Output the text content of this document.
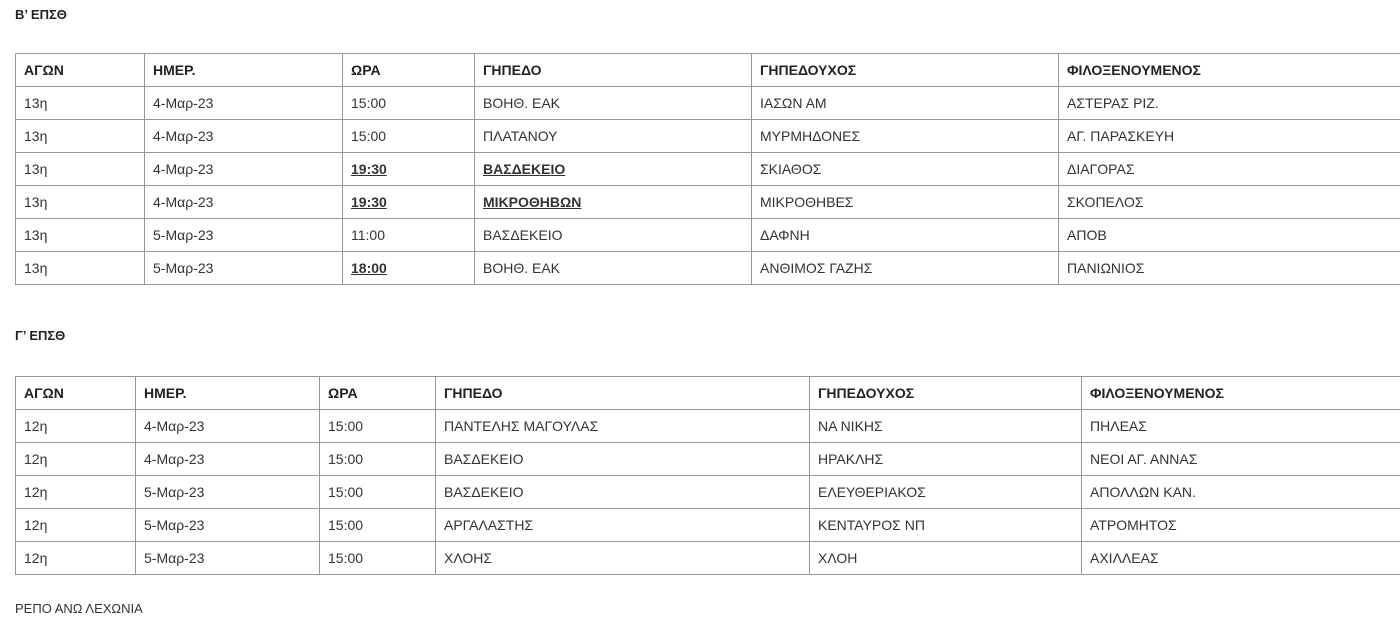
Β’ ΕΠΣΘ
ΑΓΩΝ	ΗΜΕΡ.	ΩΡΑ	ΓΗΠΕΔΟ	ΓΗΠΕΔΟΥΧΟΣ	ΦΙΛΟΞΕΝΟΥΜΕΝΟΣ
13η	4-Μαρ-23	15:00	ΒΟΗΘ. ΕΑΚ	ΙΑΣΩΝ ΑΜ	ΑΣΤΕΡΑΣ ΡΙΖ.
13η	4-Μαρ-23	15:00	ΠΛΑΤΑΝΟΥ	ΜΥΡΜΗΔΟΝΕΣ	ΑΓ. ΠΑΡΑΣΚΕΥΗ
13η	4-Μαρ-23	19:30	ΒΑΣΔΕΚΕΙΟ	ΣΚΙΑΘΟΣ	ΔΙΑΓΟΡΑΣ
13η	4-Μαρ-23	19:30	ΜΙΚΡΟΘΗΒΩΝ	ΜΙΚΡΟΘΗΒΕΣ	ΣΚΟΠΕΛΟΣ
13η	5-Μαρ-23	11:00	ΒΑΣΔΕΚΕΙΟ	ΔΑΦΝΗ	ΑΠΟΒ
13η	5-Μαρ-23	18:00	ΒΟΗΘ. ΕΑΚ	ΑΝΘΙΜΟΣ ΓΑΖΗΣ	ΠΑΝΙΩΝΙΟΣ
Γ’ ΕΠΣΘ
ΑΓΩΝ	ΗΜΕΡ.	ΩΡΑ	ΓΗΠΕΔΟ	ΓΗΠΕΔΟΥΧΟΣ	ΦΙΛΟΞΕΝΟΥΜΕΝΟΣ
12η	4-Μαρ-23	15:00	ΠΑΝΤΕΛΗΣ ΜΑΓΟΥΛΑΣ	ΝΑ ΝΙΚΗΣ	ΠΗΛΕΑΣ
12η	4-Μαρ-23	15:00	ΒΑΣΔΕΚΕΙΟ	ΗΡΑΚΛΗΣ	ΝΕΟΙ ΑΓ. ΑΝΝΑΣ
12η	5-Μαρ-23	15:00	ΒΑΣΔΕΚΕΙΟ	ΕΛΕΥΘΕΡΙΑΚΟΣ	ΑΠΟΛΛΩΝ ΚΑΝ.
12η	5-Μαρ-23	15:00	ΑΡΓΑΛΑΣΤΗΣ	ΚΕΝΤΑΥΡΟΣ ΝΠ	ΑΤΡΟΜΗΤΟΣ
12η	5-Μαρ-23	15:00	ΧΛΟΗΣ	ΧΛΟΗ	ΑΧΙΛΛΕΑΣ
ΡΕΠΟ ΑΝΩ ΛΕΧΩΝΙΑ
